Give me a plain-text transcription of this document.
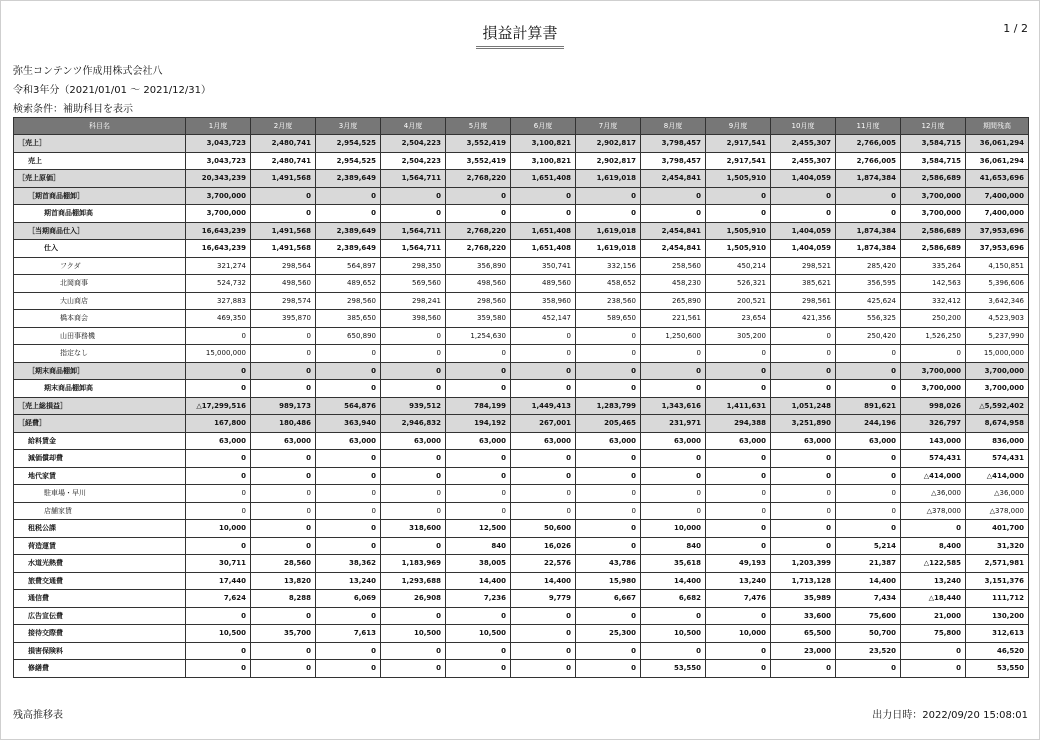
損益計算書	1 / 2
弥生コンテンツ作成用株式会社八
令和3年分（2021/01/01 ～ 2021/12/31）
検索条件：補助科目を表示
科目名	1月度	2月度	3月度	4月度	5月度	6月度	7月度	8月度	9月度	10月度	11月度	12月度	期間残高
［売上］	3,043,723	2,480,741	2,954,525	2,504,223	3,552,419	3,100,821	2,902,817	3,798,457	2,917,541	2,455,307	2,766,005	3,584,715	36,061,294
売上	3,043,723	2,480,741	2,954,525	2,504,223	3,552,419	3,100,821	2,902,817	3,798,457	2,917,541	2,455,307	2,766,005	3,584,715	36,061,294
［売上原価］	20,343,239	1,491,568	2,389,649	1,564,711	2,768,220	1,651,408	1,619,018	2,454,841	1,505,910	1,404,059	1,874,384	2,586,689	41,653,696
［期首商品棚卸］	3,700,000	0	0	0	0	0	0	0	0	0	0	3,700,000	7,400,000
期首商品棚卸高	3,700,000	0	0	0	0	0	0	0	0	0	0	3,700,000	7,400,000
［当期商品仕入］	16,643,239	1,491,568	2,389,649	1,564,711	2,768,220	1,651,408	1,619,018	2,454,841	1,505,910	1,404,059	1,874,384	2,586,689	37,953,696
仕入	16,643,239	1,491,568	2,389,649	1,564,711	2,768,220	1,651,408	1,619,018	2,454,841	1,505,910	1,404,059	1,874,384	2,586,689	37,953,696
フクダ	321,274	298,564	564,897	298,350	356,890	350,741	332,156	258,560	450,214	298,521	285,420	335,264	4,150,851
北岡商事	524,732	498,560	489,652	569,560	498,560	489,560	458,652	458,230	526,321	385,621	356,595	142,563	5,396,606
大山商店	327,883	298,574	298,560	298,241	298,560	358,960	238,560	265,890	200,521	298,561	425,624	332,412	3,642,346
橋本商会	469,350	395,870	385,650	398,560	359,580	452,147	589,650	221,561	23,654	421,356	556,325	250,200	4,523,903
山田事務機	0	0	650,890	0	1,254,630	0	0	1,250,600	305,200	0	250,420	1,526,250	5,237,990
指定なし	15,000,000	0	0	0	0	0	0	0	0	0	0	0	15,000,000
［期末商品棚卸］	0	0	0	0	0	0	0	0	0	0	0	3,700,000	3,700,000
期末商品棚卸高	0	0	0	0	0	0	0	0	0	0	0	3,700,000	3,700,000
［売上総損益］	△17,299,516	989,173	564,876	939,512	784,199	1,449,413	1,283,799	1,343,616	1,411,631	1,051,248	891,621	998,026	△5,592,402
［経費］	167,800	180,486	363,940	2,946,832	194,192	267,001	205,465	231,971	294,388	3,251,890	244,196	326,797	8,674,958
給料賃金	63,000	63,000	63,000	63,000	63,000	63,000	63,000	63,000	63,000	63,000	63,000	143,000	836,000
減価償却費	0	0	0	0	0	0	0	0	0	0	0	574,431	574,431
地代家賃	0	0	0	0	0	0	0	0	0	0	0	△414,000	△414,000
駐車場・早川	0	0	0	0	0	0	0	0	0	0	0	△36,000	△36,000
店舗家賃	0	0	0	0	0	0	0	0	0	0	0	△378,000	△378,000
租税公課	10,000	0	0	318,600	12,500	50,600	0	10,000	0	0	0	0	401,700
荷造運賃	0	0	0	0	840	16,026	0	840	0	0	5,214	8,400	31,320
水道光熱費	30,711	28,560	38,362	1,183,969	38,005	22,576	43,786	35,618	49,193	1,203,399	21,387	△122,585	2,571,981
旅費交通費	17,440	13,820	13,240	1,293,688	14,400	14,400	15,980	14,400	13,240	1,713,128	14,400	13,240	3,151,376
通信費	7,624	8,288	6,069	26,908	7,236	9,779	6,667	6,682	7,476	35,989	7,434	△18,440	111,712
広告宣伝費	0	0	0	0	0	0	0	0	0	33,600	75,600	21,000	130,200
接待交際費	10,500	35,700	7,613	10,500	10,500	0	25,300	10,500	10,000	65,500	50,700	75,800	312,613
損害保険料	0	0	0	0	0	0	0	0	0	23,000	23,520	0	46,520
修繕費	0	0	0	0	0	0	0	53,550	0	0	0	0	53,550
残高推移表	出力日時：2022/09/20 15:08:01
